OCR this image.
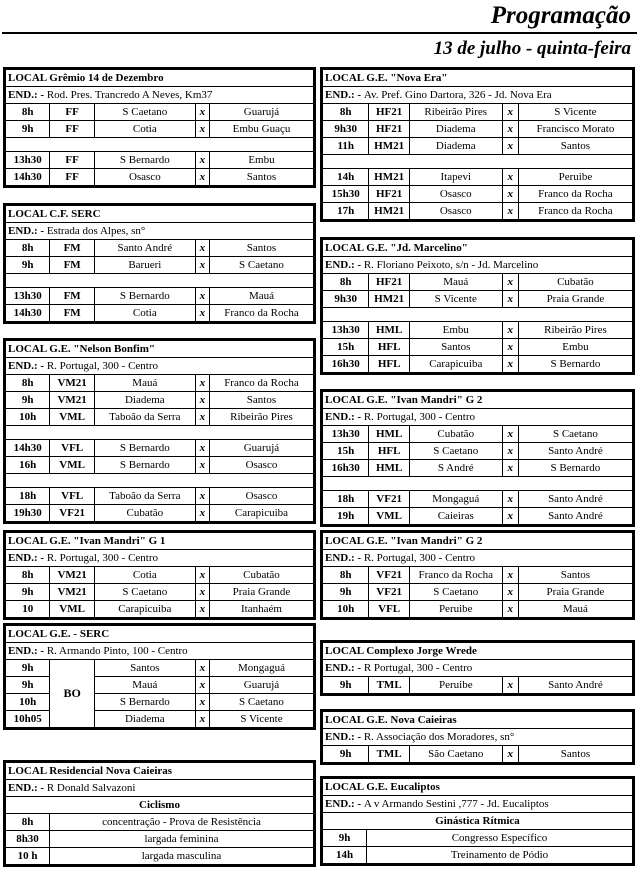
Programação
13 de julho - quinta-feira
LOCAL Grêmio 14 de Dezembro				
END.: - Rod. Pres. Trancredo A Neves, Km37				
8h	FF	S Caetano	x	Guarujá
9h	FF	Cotia	x	Embu Guaçu

13h30	FF	S Bernardo	x	Embu
14h30	FF	Osasco	x	Santos
LOCAL C.F. SERC				
END.: - Estrada dos Alpes, sn°				
8h	FM	Santo André	x	Santos
9h	FM	Barueri	x	S Caetano

13h30	FM	S Bernardo	x	Mauá
14h30	FM	Cotia	x	Franco da Rocha
LOCAL G.E. "Nelson Bonfim"				
END.: - R. Portugal, 300 - Centro				
8h	VM21	Mauá	x	Franco da Rocha
9h	VM21	Diadema	x	Santos
10h	VML	Taboão da Serra	x	Ribeirão Pires

14h30	VFL	S Bernardo	x	Guarujá
16h	VML	S Bernardo	x	Osasco

18h	VFL	Taboão da Serra	x	Osasco
19h30	VF21	Cubatão	x	Carapicuiba
LOCAL G.E. "Ivan Mandri" G 1				
END.: - R. Portugal, 300 - Centro				
8h	VM21	Cotia	x	Cubatão
9h	VM21	S Caetano	x	Praia Grande
10	VML	Carapicuiba	x	Itanhaém
LOCAL G.E. - SERC				
END.: - R. Armando Pinto, 100 - Centro				
9h	BO	Santos	x	Mongaguá
9h		Mauá	x	Guarujá
10h		S Bernardo	x	S Caetano
10h05		Diadema	x	S Vicente
LOCAL Residencial Nova Caieiras	
END.: - R Donald Salvazoni	
Ciclismo	
8h	concentração - Prova de Resistência
8h30	largada feminina
10 h	largada masculina
LOCAL G.E. "Nova Era"				
END.: - Av. Pref. Gino Dartora, 326 - Jd. Nova Era				
8h	HF21	Ribeirão Pires	x	S Vicente
9h30	HF21	Diadema	x	Francisco Morato
11h	HM21	Diadema	x	Santos

14h	HM21	Itapevi	x	Peruibe
15h30	HF21	Osasco	x	Franco da Rocha
17h	HM21	Osasco	x	Franco da Rocha
LOCAL G.E. "Jd. Marcelino"				
END.: - R. Floriano Peixoto, s/n - Jd. Marcelino				
8h	HF21	Mauá	x	Cubatão
9h30	HM21	S Vicente	x	Praia Grande

13h30	HML	Embu	x	Ribeirão Pires
15h	HFL	Santos	x	Embu
16h30	HFL	Carapicuiba	x	S Bernardo
LOCAL G.E. "Ivan Mandri" G 2				
END.: - R. Portugal, 300 - Centro				
13h30	HML	Cubatão	x	S Caetano
15h	HFL	S Caetano	x	Santo André
16h30	HML	S André	x	S Bernardo

18h	VF21	Mongaguá	x	Santo André
19h	VML	Caieiras	x	Santo André
LOCAL G.E. "Ivan Mandri" G 2				
END.: - R. Portugal, 300 - Centro				
8h	VF21	Franco da Rocha	x	Santos
9h	VF21	S Caetano	x	Praia Grande
10h	VFL	Peruibe	x	Mauá
LOCAL Complexo Jorge Wrede
END.: - R Portugal, 300 - Centro
9h	TML	Peruibe	x	Santo André
LOCAL G.E. Nova Caieiras
END.: - R. Associação dos Moradores, sn°
9h	TML	São Caetano	x	Santos
LOCAL G.E. Eucaliptos	
END.: - A v Armando Sestini ,777 - Jd. Eucaliptos	
Ginástica Rítmica	
9h	Congresso Específico
14h	Treinamento de Pódio
